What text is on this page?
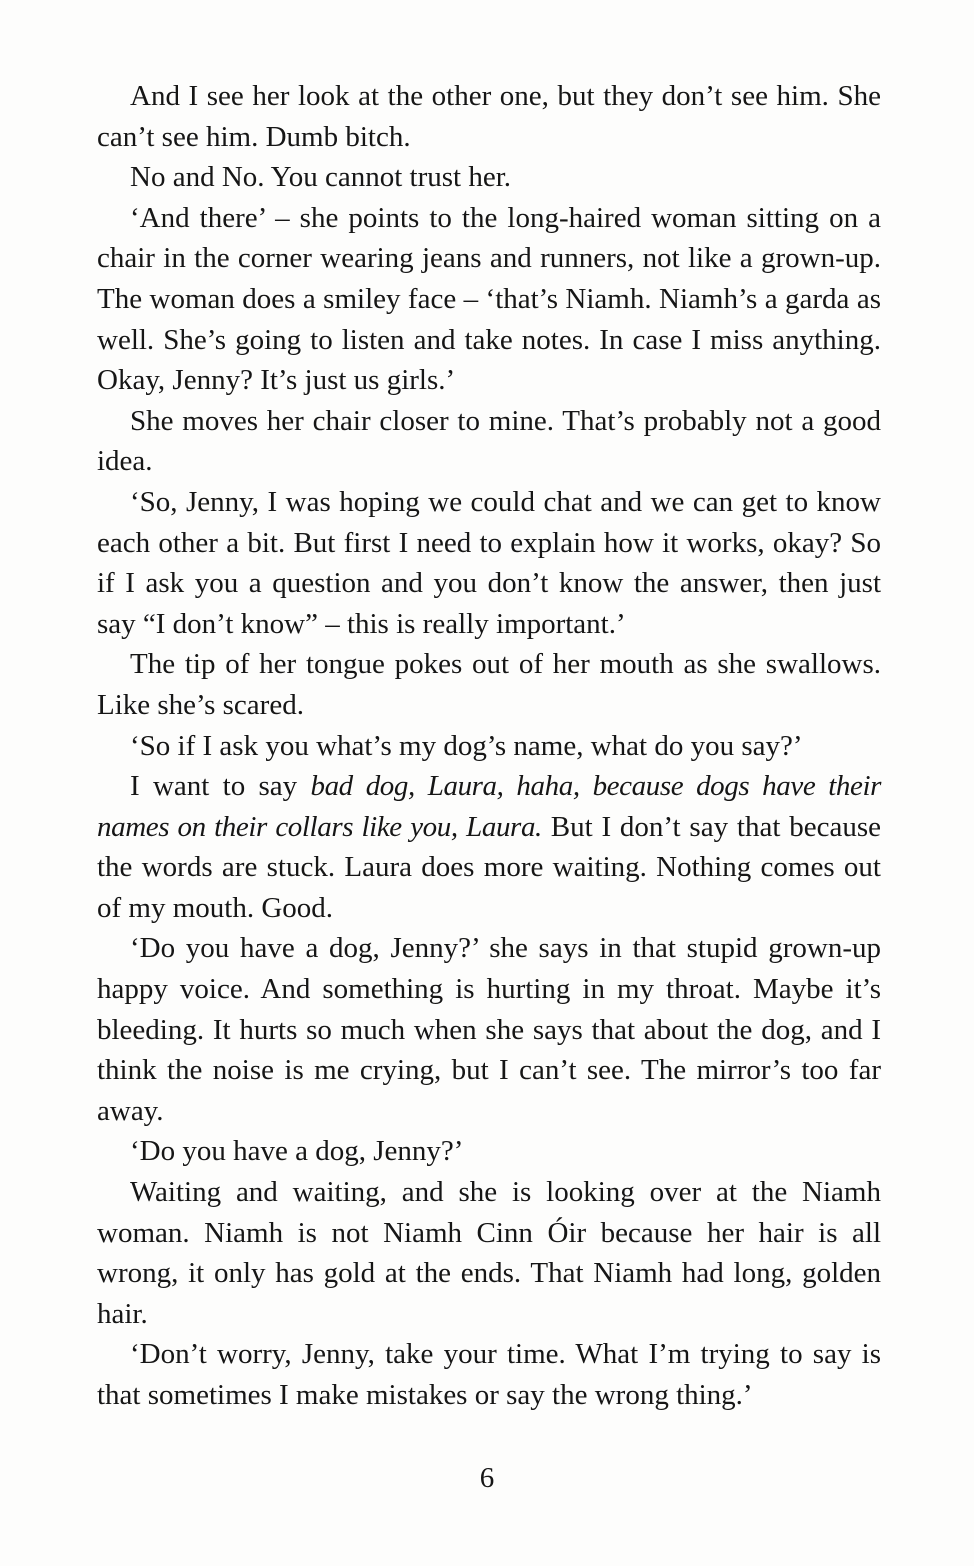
And I see her look at the other one, but they don’t see him. She can’t see him. Dumb bitch.

No and No. You cannot trust her.

‘And there’ – she points to the long-haired woman sitting on a chair in the corner wearing jeans and runners, not like a grown-up. The woman does a smiley face – ‘that’s Niamh. Niamh’s a garda as well. She’s going to listen and take notes. In case I miss anything. Okay, Jenny? It’s just us girls.’

She moves her chair closer to mine. That’s probably not a good idea.

‘So, Jenny, I was hoping we could chat and we can get to know each other a bit. But first I need to explain how it works, okay? So if I ask you a question and you don’t know the answer, then just say “I don’t know” – this is really important.’

The tip of her tongue pokes out of her mouth as she swallows. Like she’s scared.

‘So if I ask you what’s my dog’s name, what do you say?’

I want to say bad dog, Laura, haha, because dogs have their names on their collars like you, Laura. But I don’t say that because the words are stuck. Laura does more waiting. Nothing comes out of my mouth. Good.

‘Do you have a dog, Jenny?’ she says in that stupid grown-up happy voice. And something is hurting in my throat. Maybe it’s bleeding. It hurts so much when she says that about the dog, and I think the noise is me crying, but I can’t see. The mirror’s too far away.

‘Do you have a dog, Jenny?’

Waiting and waiting, and she is looking over at the Niamh woman. Niamh is not Niamh Cinn Óir because her hair is all wrong, it only has gold at the ends. That Niamh had long, golden hair.

‘Don’t worry, Jenny, take your time. What I’m trying to say is that sometimes I make mistakes or say the wrong thing.’

6
